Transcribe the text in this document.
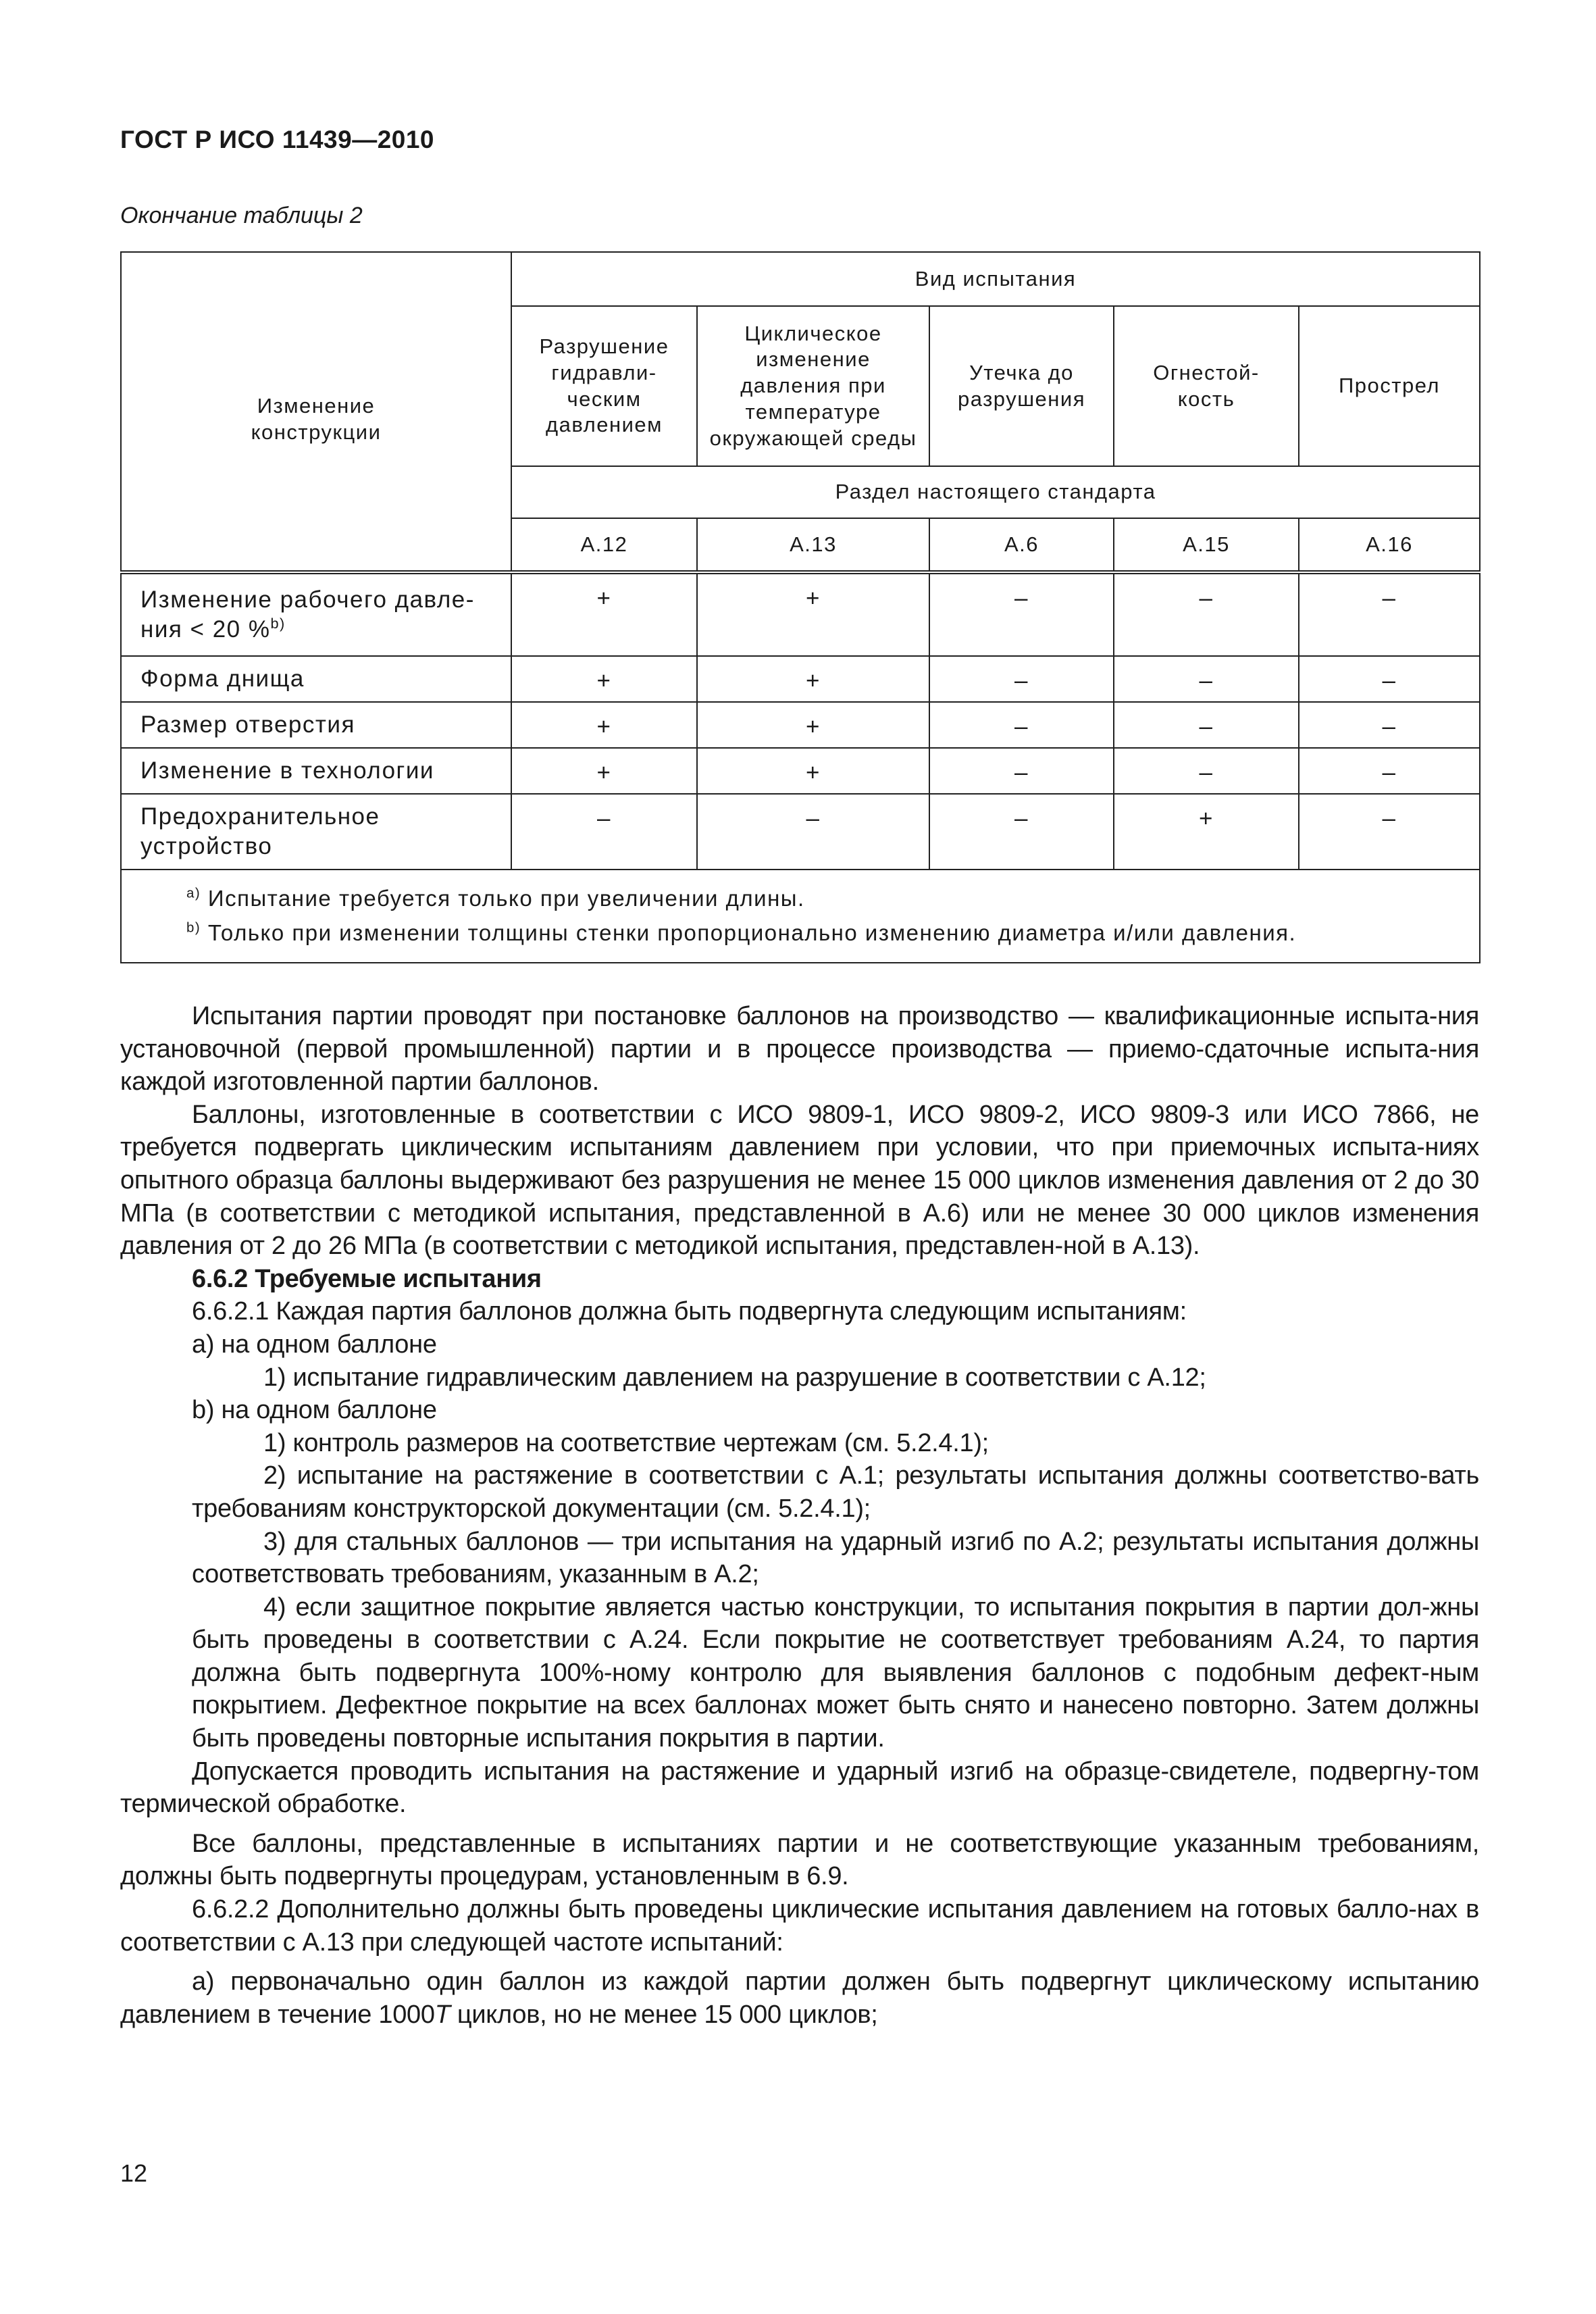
ГОСТ Р ИСО 11439—2010
Окончание таблицы 2
Изменение конструкции	Вид испытания				
	Разрушение гидравли-ческим давлением	Циклическое изменение давления при температуре окружающей среды	Утечка до разрушения	Огнестой-кость	Прострел
	Раздел настоящего стандарта				
	А.12	А.13	А.6	А.15	А.16
Изменение рабочего давле-ния < 20 %$^{b)}$	+	+	–	–	–
Форма днища	+	+	–	–	–
Размер отверстия	+	+	–	–	–
Изменение в технологии	+	+	–	–	–
Предохранительное устройство	–	–	–	+	–

$^{a)}$ Испытание требуется только при увеличении длины.
$^{b)}$ Только при изменении толщины стенки пропорционально изменению диаметра и/или давления.					

Испытания партии проводят при постановке баллонов на производство — квалификационные испыта-ния установочной (первой промышленной) партии и в процессе производства — приемо-сдаточные испыта-ния каждой изготовленной партии баллонов.

Баллоны, изготовленные в соответствии с ИСО 9809-1, ИСО 9809-2, ИСО 9809-3 или ИСО 7866, не требуется подвергать циклическим испытаниям давлением при условии, что при приемочных испыта-ниях опытного образца баллоны выдерживают без разрушения не менее 15 000 циклов изменения давления от 2 до 30 МПа (в соответствии с методикой испытания, представленной в А.6) или не менее 30 000 циклов изменения давления от 2 до 26 МПа (в соответствии с методикой испытания, представлен-ной в А.13).

6.6.2 Требуемые испытания

6.6.2.1 Каждая партия баллонов должна быть подвергнута следующим испытаниям:

a) на одном баллоне

1) испытание гидравлическим давлением на разрушение в соответствии с А.12;

b) на одном баллоне

1) контроль размеров на соответствие чертежам (см. 5.2.4.1);

2) испытание на растяжение в соответствии с А.1; результаты испытания должны соответство-вать требованиям конструкторской документации (см. 5.2.4.1);

3) для стальных баллонов — три испытания на ударный изгиб по А.2; результаты испытания должны соответствовать требованиям, указанным в А.2;

4) если защитное покрытие является частью конструкции, то испытания покрытия в партии дол-жны быть проведены в соответствии с А.24. Если покрытие не соответствует требованиям А.24, то партия должна быть подвергнута 100%-ному контролю для выявления баллонов с подобным дефект-ным покрытием. Дефектное покрытие на всех баллонах может быть снято и нанесено повторно. Затем должны быть проведены повторные испытания покрытия в партии.

Допускается проводить испытания на растяжение и ударный изгиб на образце-свидетеле, подвергну-том термической обработке.

Все баллоны, представленные в испытаниях партии и не соответствующие указанным требованиям, должны быть подвергнуты процедурам, установленным в 6.9.

6.6.2.2 Дополнительно должны быть проведены циклические испытания давлением на готовых балло-нах в соответствии с А.13 при следующей частоте испытаний:

a) первоначально один баллон из каждой партии должен быть подвергнут циклическому испытанию давлением в течение 1000T циклов, но не менее 15 000 циклов;

12
